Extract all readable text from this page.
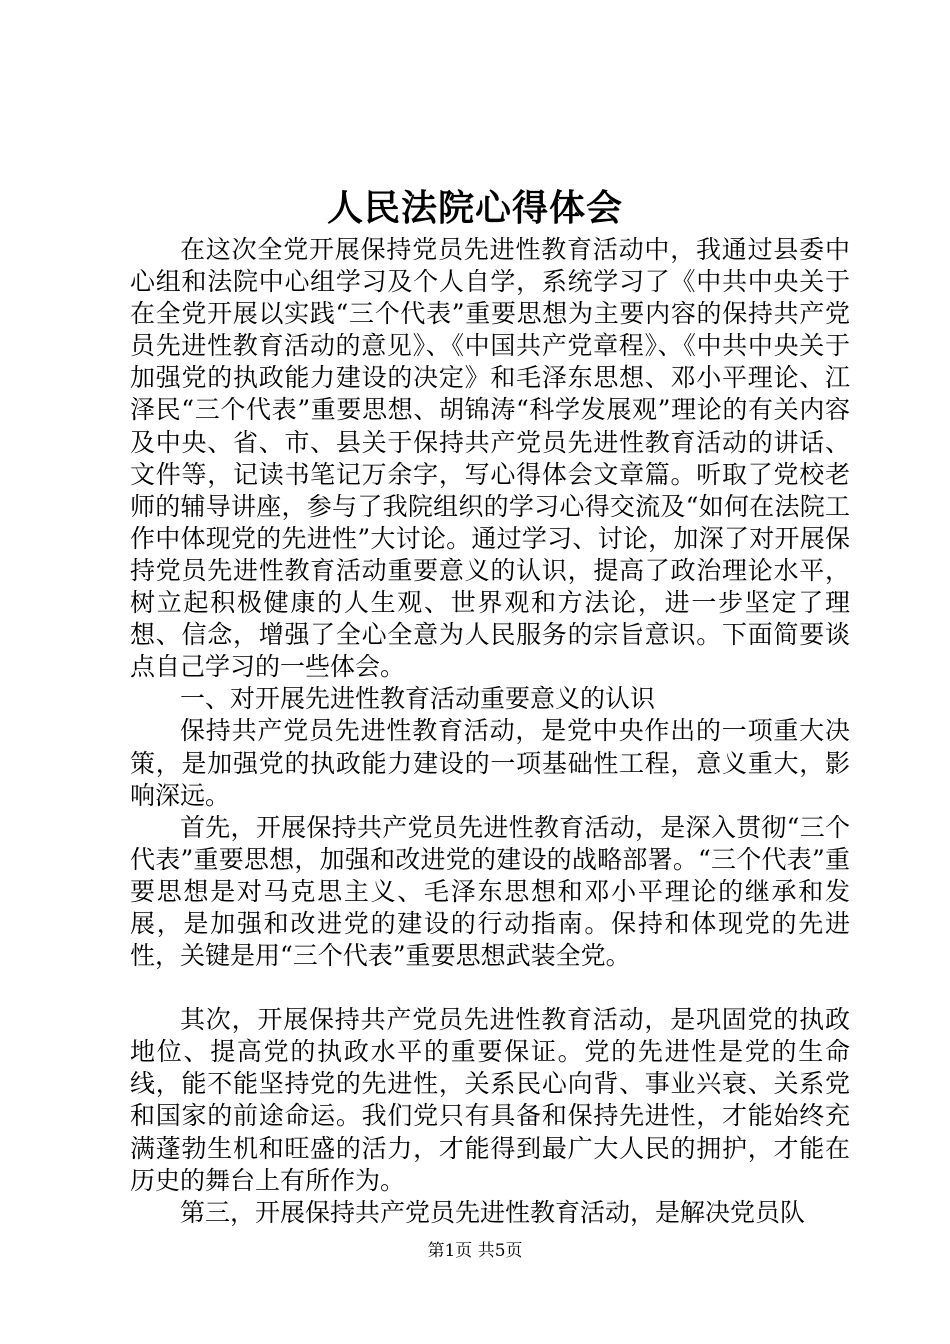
人民法院心得体会

在这次全党开展保持党员先进性教育活动中，我通过县委中心组和法院中心组学习及个人自学，系统学习了《中共中央关于在全党开展以实践“三个代表”重要思想为主要内容的保持共产党员先进性教育活动的意见》、《中国共产党章程》、《中共中央关于加强党的执政能力建设的决定》和毛泽东思想、邓小平理论、江泽民“三个代表”重要思想、胡锦涛“科学发展观”理论的有关内容及中央、省、市、县关于保持共产党员先进性教育活动的讲话、文件等，记读书笔记万余字，写心得体会文章篇。听取了党校老师的辅导讲座，参与了我院组织的学习心得交流及“如何在法院工作中体现党的先进性”大讨论。通过学习、讨论，加深了对开展保持党员先进性教育活动重要意义的认识，提高了政治理论水平，树立起积极健康的人生观、世界观和方法论，进一步坚定了理想、信念，增强了全心全意为人民服务的宗旨意识。下面简要谈点自己学习的一些体会。

一、对开展先进性教育活动重要意义的认识

保持共产党员先进性教育活动，是党中央作出的一项重大决策，是加强党的执政能力建设的一项基础性工程，意义重大，影响深远。

首先，开展保持共产党员先进性教育活动，是深入贯彻“三个代表”重要思想，加强和改进党的建设的战略部署。“三个代表”重要思想是对马克思主义、毛泽东思想和邓小平理论的继承和发展，是加强和改进党的建设的行动指南。保持和体现党的先进性，关键是用“三个代表”重要思想武装全党。

其次，开展保持共产党员先进性教育活动，是巩固党的执政地位、提高党的执政水平的重要保证。党的先进性是党的生命线，能不能坚持党的先进性，关系民心向背、事业兴衰、关系党和国家的前途命运。我们党只有具备和保持先进性，才能始终充满蓬勃生机和旺盛的活力，才能得到最广大人民的拥护，才能在历史的舞台上有所作为。

第三，开展保持共产党员先进性教育活动，是解决党员队

第1页 共5页
